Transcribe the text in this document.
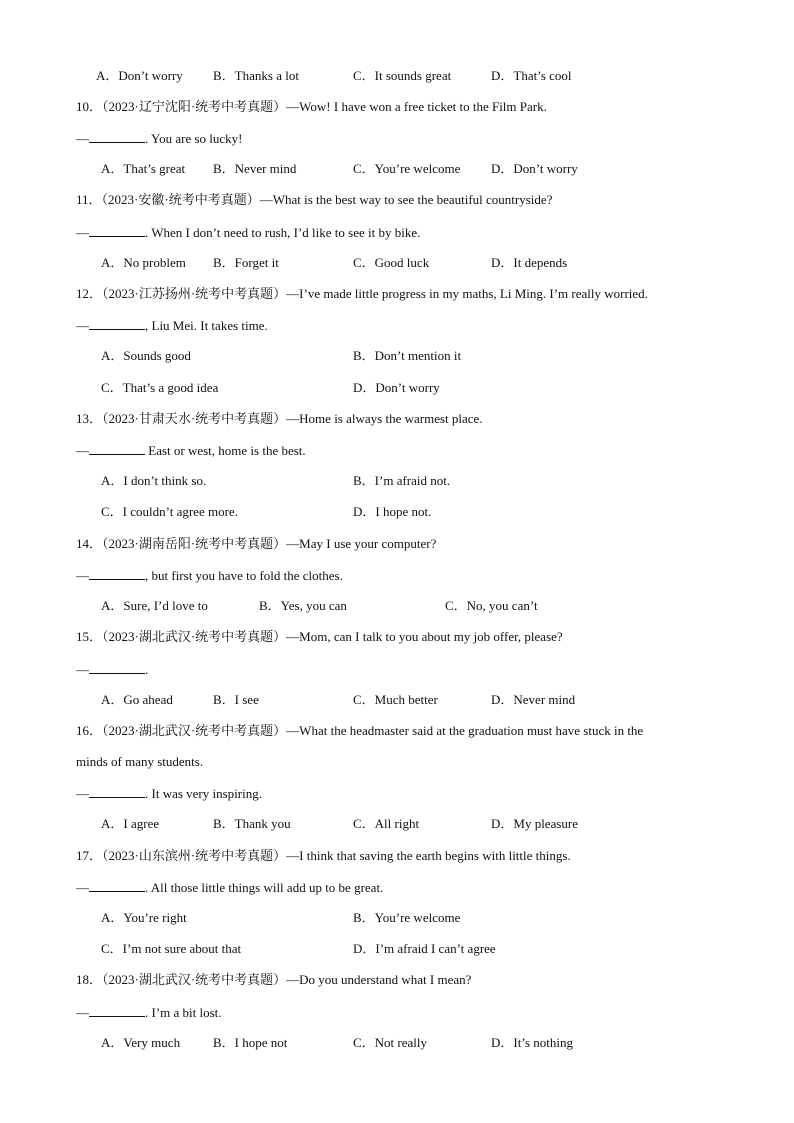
A．Don’t worry B．Thanks a lot	C．It sounds great	D．That’s cool
10．（2023·辽宁沈阳·统考中考真题）—Wow! I have won a free ticket to the Film Park.
—	. You are so lucky!
A．That’s great B．Never mind	C．You’re welcome D．Don’t worry
11．（2023·安徽·统考中考真题）—What is the best way to see the beautiful countryside?
—	. When I don’t need to rush, I’d like to see it by bike.
A．No problem B．Forget it	C．Good luck	D．It depends
12．（2023·江苏扬州·统考中考真题）—I’ve made little progress in my maths, Li Ming. I’m really worried.
—	, Liu Mei. It takes time.
A．Sounds good	B．Don’t mention it
C．That’s a good idea	D．Don’t worry
13．（2023·甘肃天水·统考中考真题）—Home is always the warmest place.
—	East or west, home is the best.
A．I don’t think so.	B．I’m afraid not.
C．I couldn’t agree more.	D．I hope not.
14．（2023·湖南岳阳·统考中考真题）—May I use your computer?
—	, but first you have to fold the clothes.
A．Sure, I’d love to	B．Yes, you can	C．No, you can’t
15．（2023·湖北武汉·统考中考真题）—Mom, can I talk to you about my job offer, please?
—	.
A．Go ahead	B．I see	C．Much better	D．Never mind
16．（2023·湖北武汉·统考中考真题）—What the headmaster said at the graduation must have stuck in the
minds of many students.
—	. It was very inspiring.
A．I agree	B．Thank you	C．All right	D．My pleasure
17．（2023·山东滨州·统考中考真题）—I think that saving the earth begins with little things.
—	. All those little things will add up to be great.
A．You’re right	B．You’re welcome
C．I’m not sure about that	D．I’m afraid I can’t agree
18．（2023·湖北武汉·统考中考真题）—Do you understand what I mean?
—	. I’m a bit lost.
A．Very much	B．I hope not	C．Not really	D．It’s nothing
